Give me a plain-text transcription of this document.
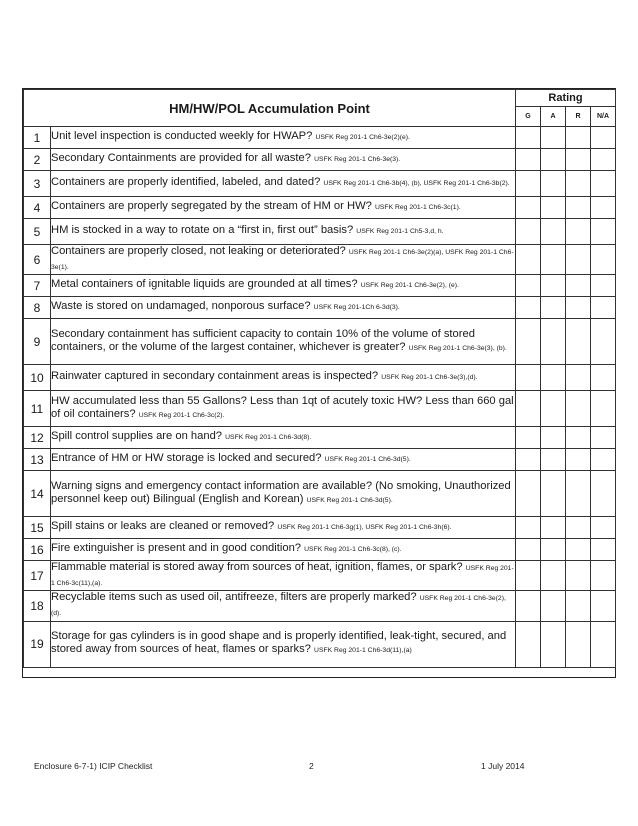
HM/HW/POL Accumulation Point		Rating			
		G	A	R	N/A
1	Unit level inspection is conducted weekly for HWAP? USFK Reg 201-1 Ch6-3e(2)(e).				
2	Secondary Containments are provided for all waste? USFK Reg 201-1 Ch6-3e(3).				
3	Containers are properly identified, labeled, and dated? USFK Reg 201-1 Ch6-3b(4), (b), USFK Reg 201-1 Ch6-3b(2).				
4	Containers are properly segregated by the stream of HM or HW? USFK Reg 201-1 Ch6-3c(1).				
5	HM is stocked in a way to rotate on a “first in, first out” basis? USFK Reg 201-1 Ch5-3,d, h.				
6	Containers are properly closed, not leaking or deteriorated? USFK Reg 201-1 Ch6-3e(2)(a), USFK Reg 201-1 Ch6-3e(1).				
7	Metal containers of ignitable liquids are grounded at all times? USFK Reg 201-1 Ch6-3e(2), (e).				
8	Waste is stored on undamaged, nonporous surface? USFK Reg 201-1Ch 6-3d(3).				
9	Secondary containment has sufficient capacity to contain 10% of the volume of stored containers, or the volume of the largest container, whichever is greater? USFK Reg 201-1 Ch6-3e(3), (b).				
10	Rainwater captured in secondary containment areas is inspected? USFK Reg 201-1 Ch6-3e(3),(d).				
11	HW accumulated less than 55 Gallons? Less than 1qt of acutely toxic HW? Less than 660 gal of oil containers? USFK Reg 201-1 Ch6-3c(2).				
12	Spill control supplies are on hand? USFK Reg 201-1 Ch6-3d(8).				
13	Entrance of HM or HW storage is locked and secured? USFK Reg 201-1 Ch6-3d(5).				
14	Warning signs and emergency contact information are available? (No smoking, Unauthorized personnel keep out) Bilingual (English and Korean) USFK Reg 201-1 Ch6-3d(5).				
15	Spill stains or leaks are cleaned or removed? USFK Reg 201-1 Ch6-3g(1), USFK Reg 201-1 Ch6-3h(6).				
16	Fire extinguisher is present and in good condition? USFK Reg 201-1 Ch6-3c(8), (c).				
17	Flammable material is stored away from sources of heat, ignition, flames, or spark? USFK Reg 201-1 Ch6-3c(11),(a).				
18	Recyclable items such as used oil, antifreeze, filters are properly marked? USFK Reg 201-1 Ch6-3e(2),(d).				
19	Storage for gas cylinders is in good shape and is properly identified, leak-tight, secured, and stored away from sources of heat, flames or sparks? USFK Reg 201-1 Ch6-3d(11),(a)				
Enclosure 6-7-1) ICIP Checklist	2	1 July 2014
